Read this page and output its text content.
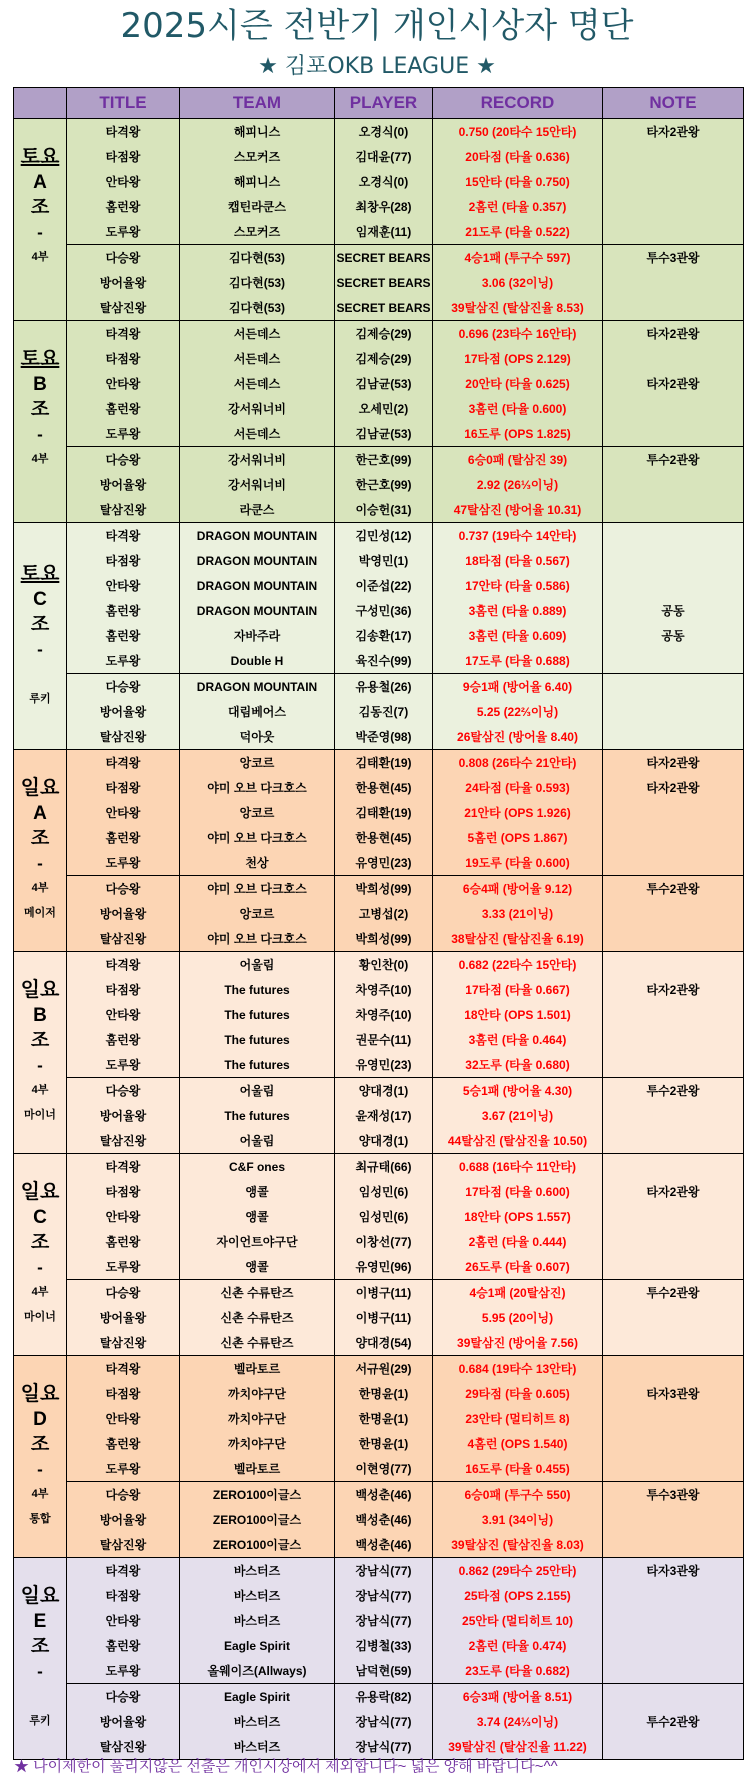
2025시즌 전반기 개인시상자 명단
★ 김포OKB LEAGUE ★
	TITLE	TEAM	PLAYER	RECORD	NOTE

토요
A
조
-
4부	타격왕	해피니스	오경식(0)	0.750 (20타수 15안타)	타자2관왕
	타점왕	스모커즈	김대윤(77)	20타점 (타율 0.636)	
	안타왕	해피니스	오경식(0)	15안타 (타율 0.750)	
	홈런왕	캡틴라쿤스	최창우(28)	2홈런 (타율 0.357)	
	도루왕	스모커즈	임재훈(11)	21도루 (타율 0.522)	
	다승왕	김다현(53)	SECRET BEARS	4승1패 (투구수 597)	투수3관왕
	방어율왕	김다현(53)	SECRET BEARS	3.06 (32이닝)	
	탈삼진왕	김다현(53)	SECRET BEARS	39탈삼진 (탈삼진율 8.53)	

토요
B
조
-
4부	타격왕	서든데스	김제승(29)	0.696 (23타수 16안타)	타자2관왕
	타점왕	서든데스	김제승(29)	17타점 (OPS 2.129)	
	안타왕	서든데스	김남균(53)	20안타 (타율 0.625)	타자2관왕
	홈런왕	강서워너비	오세민(2)	3홈런 (타율 0.600)	
	도루왕	서든데스	김남균(53)	16도루 (OPS 1.825)	
	다승왕	강서워너비	한근호(99)	6승0패 (탈삼진 39)	투수2관왕
	방어율왕	강서워너비	한근호(99)	2.92 (26⅓이닝)	
	탈삼진왕	라쿤스	이승헌(31)	47탈삼진 (방어율 10.31)	

토요
C
조
-
루키	타격왕	DRAGON MOUNTAIN	김민성(12)	0.737 (19타수 14안타)	
	타점왕	DRAGON MOUNTAIN	박영민(1)	18타점 (타율 0.567)	
	안타왕	DRAGON MOUNTAIN	이준섭(22)	17안타 (타율 0.586)	
	홈런왕	DRAGON MOUNTAIN	구성민(36)	3홈런 (타율 0.889)	공동
	홈런왕	자바주라	김송환(17)	3홈런 (타율 0.609)	공동
	도루왕	Double H	육진수(99)	17도루 (타율 0.688)	
	다승왕	DRAGON MOUNTAIN	유용철(26)	9승1패 (방어율 6.40)	
	방어율왕	대림베어스	김동진(7)	5.25 (22⅔이닝)	
	탈삼진왕	덕아웃	박준영(98)	26탈삼진 (방어율 8.40)	

일요
A
조
-
4부
메이저
	타격왕	앙코르	김태환(19)	0.808 (26타수 21안타)	타자2관왕
	타점왕	야미 오브 다크호스	한용현(45)	24타점 (타율 0.593)	타자2관왕
	안타왕	앙코르	김태환(19)	21안타 (OPS 1.926)	
	홈런왕	야미 오브 다크호스	한용현(45)	5홈런 (OPS 1.867)	
	도루왕	천상	유영민(23)	19도루 (타율 0.600)	
	다승왕	야미 오브 다크호스	박희성(99)	6승4패 (방어율 9.12)	투수2관왕
	방어율왕	앙코르	고병섭(2)	3.33 (21이닝)	
	탈삼진왕	야미 오브 다크호스	박희성(99)	38탈삼진 (탈삼진율 6.19)	

일요
B
조
-
4부
마이너
	타격왕	어울림	황인찬(0)	0.682 (22타수 15안타)	
	타점왕	The futures	차영주(10)	17타점 (타율 0.667)	타자2관왕
	안타왕	The futures	차영주(10)	18안타 (OPS 1.501)	
	홈런왕	The futures	권문수(11)	3홈런 (타율 0.464)	
	도루왕	The futures	유영민(23)	32도루 (타율 0.680)	
	다승왕	어울림	양대경(1)	5승1패 (방어율 4.30)	투수2관왕
	방어율왕	The futures	윤재성(17)	3.67 (21이닝)	
	탈삼진왕	어울림	양대경(1)	44탈삼진 (탈삼진율 10.50)	

일요
C
조
-
4부
마이너
	타격왕	C&F ones	최규태(66)	0.688 (16타수 11안타)	
	타점왕	앵콜	임성민(6)	17타점 (타율 0.600)	타자2관왕
	안타왕	앵콜	임성민(6)	18안타 (OPS 1.557)	
	홈런왕	자이언트야구단	이창선(77)	2홈런 (타율 0.444)	
	도루왕	앵콜	유영민(96)	26도루 (타율 0.607)	
	다승왕	신촌 수류탄즈	이병구(11)	4승1패 (20탈삼진)	투수2관왕
	방어율왕	신촌 수류탄즈	이병구(11)	5.95 (20이닝)	
	탈삼진왕	신촌 수류탄즈	양대경(54)	39탈삼진 (방어율 7.56)	

일요
D
조
-
4부
통합
	타격왕	벨라토르	서규원(29)	0.684 (19타수 13안타)	
	타점왕	까치야구단	한명윤(1)	29타점 (타율 0.605)	타자3관왕
	안타왕	까치야구단	한명윤(1)	23안타 (멀티히트 8)	
	홈런왕	까치야구단	한명윤(1)	4홈런 (OPS 1.540)	
	도루왕	벨라토르	이현영(77)	16도루 (타율 0.455)	
	다승왕	ZERO100이글스	백성춘(46)	6승0패 (투구수 550)	투수3관왕
	방어율왕	ZERO100이글스	백성춘(46)	3.91 (34이닝)	
	탈삼진왕	ZERO100이글스	백성춘(46)	39탈삼진 (탈삼진율 8.03)	

일요
E
조
-
루키	타격왕	바스터즈	장남식(77)	0.862 (29타수 25안타)	타자3관왕
	타점왕	바스터즈	장남식(77)	25타점 (OPS 2.155)	
	안타왕	바스터즈	장남식(77)	25안타 (멀티히트 10)	
	홈런왕	Eagle Spirit	김병철(33)	2홈런 (타율 0.474)	
	도루왕	올웨이즈(Allways)	남덕현(59)	23도루 (타율 0.682)	
	다승왕	Eagle Spirit	유용락(82)	6승3패 (방어율 8.51)	
	방어율왕	바스터즈	장남식(77)	3.74 (24⅓이닝)	투수2관왕
	탈삼진왕	바스터즈	장남식(77)	39탈삼진 (탈삼진율 11.22)	
★ 나이제한이 풀리지않은 선출은 개인시상에서 제외합니다~ 넓은 양해 바랍니다~^^
